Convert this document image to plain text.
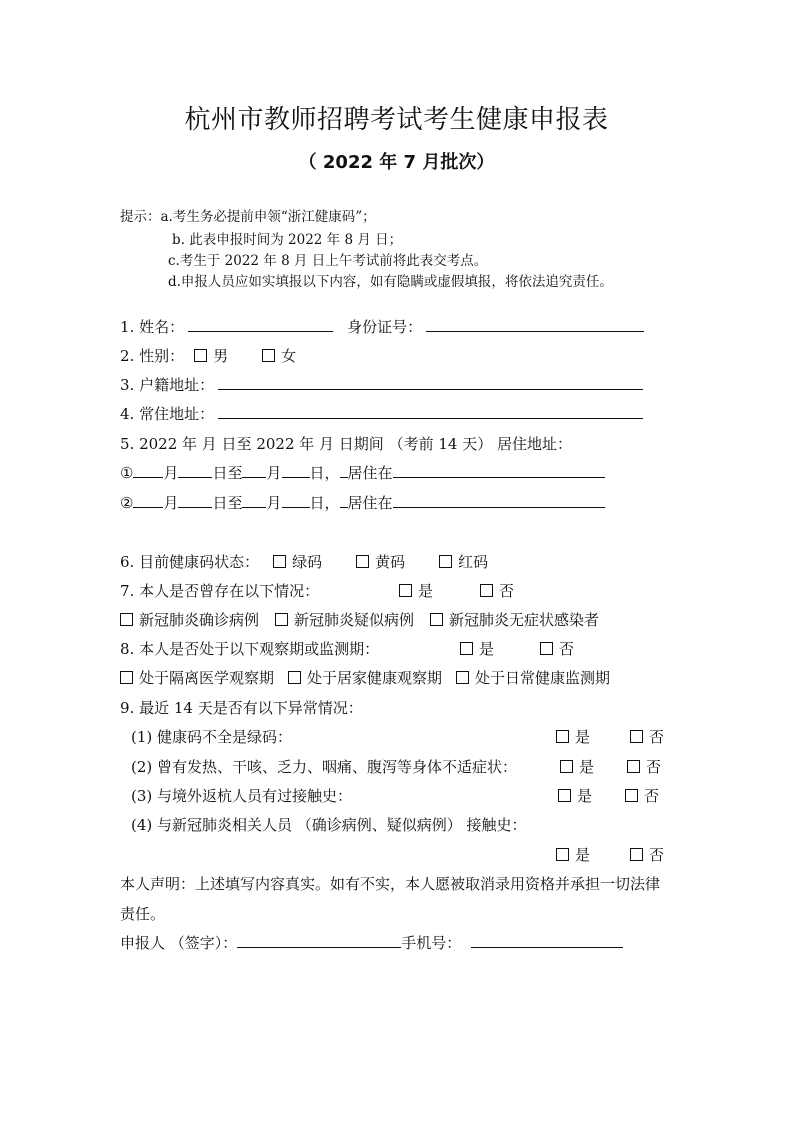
杭州市教师招聘考试考生健康申报表
（ 2022 年 7 月批次）
提示：a.考生务必提前申领“浙江健康码”；
b. 此表申报时间为 2022 年 8 月 日；
c.考生于 2022 年 8 月 日上午考试前将此表交考点。
d.申报人员应如实填报以下内容，如有隐瞒或虚假填报，将依法追究责任。
1. 姓名：	身份证号：
2. 性别： 男	女
3. 户籍地址：
4. 常住地址：
5. 2022 年 月 日至 2022 年 月 日期间 （考前 14 天） 居住地址：
① 月 日至 月 日， 居住在
② 月 日至 月 日， 居住在
6. 目前健康码状态： 绿码	黄码	红码
7. 本人是否曾存在以下情况：	是	否
新冠肺炎确诊病例 新冠肺炎疑似病例 新冠肺炎无症状感染者
8. 本人是否处于以下观察期或监测期：	是	否
处于隔离医学观察期 处于居家健康观察期 处于日常健康监测期
9. 最近 14 天是否有以下异常情况：
(1) 健康码不全是绿码：	是	否
(2) 曾有发热、干咳、乏力、咽痛、腹泻等身体不适症状：	是	否
(3) 与境外返杭人员有过接触史：	是	否
(4) 与新冠肺炎相关人员 （确诊病例、疑似病例） 接触史：
是	否
本人声明：上述填写内容真实。如有不实，本人愿被取消录用资格并承担一切法律
责任。
申报人 （签字）：	手机号：
